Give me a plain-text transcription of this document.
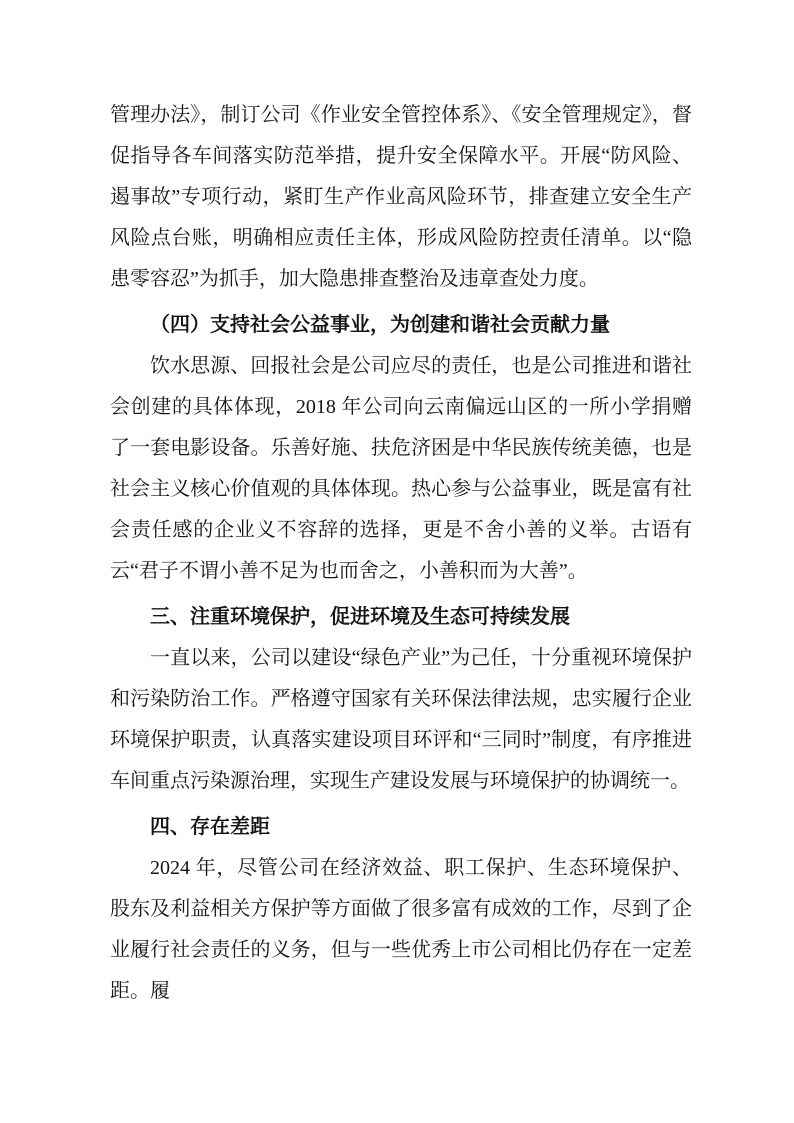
管理办法》，制订公司《作业安全管控体系》、《安全管理规定》，督促指导各车间落实防范举措，提升安全保障水平。开展“防风险、遏事故”专项行动，紧盯生产作业高风险环节，排查建立安全生产风险点台账，明确相应责任主体，形成风险防控责任清单。以“隐患零容忍”为抓手，加大隐患排查整治及违章查处力度。

（四）支持社会公益事业，为创建和谐社会贡献力量

饮水思源、回报社会是公司应尽的责任，也是公司推进和谐社会创建的具体体现，2018 年公司向云南偏远山区的一所小学捐赠了一套电影设备。乐善好施、扶危济困是中华民族传统美德，也是社会主义核心价值观的具体体现。热心参与公益事业，既是富有社会责任感的企业义不容辞的选择，更是不舍小善的义举。古语有云“君子不谓小善不足为也而舍之，小善积而为大善”。

三、注重环境保护，促进环境及生态可持续发展

一直以来，公司以建设“绿色产业”为己任，十分重视环境保护和污染防治工作。严格遵守国家有关环保法律法规，忠实履行企业环境保护职责，认真落实建设项目环评和“三同时”制度，有序推进车间重点污染源治理，实现生产建设发展与环境保护的协调统一。

四、存在差距

2024 年，尽管公司在经济效益、职工保护、生态环境保护、股东及利益相关方保护等方面做了很多富有成效的工作，尽到了企业履行社会责任的义务，但与一些优秀上市公司相比仍存在一定差距。履
